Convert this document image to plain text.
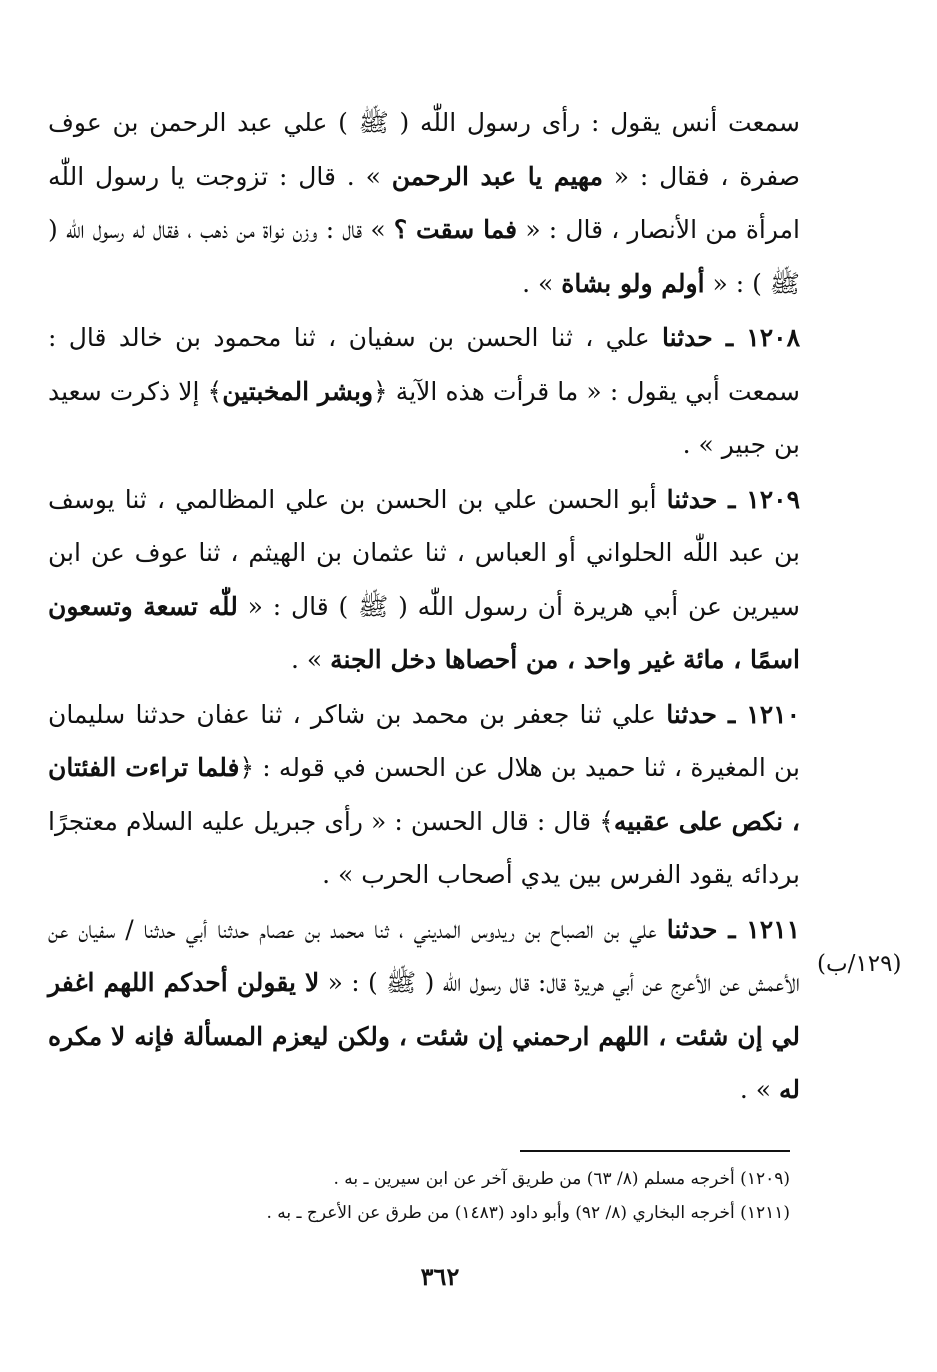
سمعت أنس يقول : رأى رسول اللّٰه ( ﷺ ) علي عبد الرحمن بن عوف صفرة ، فقال : « مهيم يا عبد الرحمن » . قال : تزوجت يا رسول اللّٰه امرأة من الأنصار ، قال : « فما سقت ؟ » قال : وزن نواة من ذهب ، فقال له رسول اللّٰه ( ﷺ ) : « أولم ولو بشاة » .

١٢٠٨ ـ حدثنا علي ، ثنا الحسن بن سفيان ، ثنا محمود بن خالد قال : سمعت أبي يقول : « ما قرأت هذه الآية ﴿وبشر المخبتين﴾ إلا ذكرت سعيد بن جبير » .

١٢٠٩ ـ حدثنا أبو الحسن علي بن الحسن بن علي المظالمي ، ثنا يوسف بن عبد اللّٰه الحلواني أو العباس ، ثنا عثمان بن الهيثم ، ثنا عوف عن ابن سيرين عن أبي هريرة أن رسول اللّٰه ( ﷺ ) قال : « للّٰه تسعة وتسعون اسمًا ، مائة غير واحد ، من أحصاها دخل الجنة » .

١٢١٠ ـ حدثنا علي ثنا جعفر بن محمد بن شاكر ، ثنا عفان حدثنا سليمان بن المغيرة ، ثنا حميد بن هلال عن الحسن في قوله : ﴿فلما تراءت الفئتان ، نكص على عقبيه﴾ قال : قال الحسن : « رأى جبريل عليه السلام معتجرًا بردائه يقود الفرس بين يدي أصحاب الحرب » .

١٢١١ ـ حدثنا علي بن الصباح بن ريدوس المديني ، ثنا محمد بن عصام حدثنا أبي حدثنا / سفيان عن الأعمش عن الأعرج عن أبي هريرة قال: قال رسول اللّٰه ( ﷺ ) : « لا يقولن أحدكم اللهم اغفر لي إن شئت ، اللهم ارحمني إن شئت ، ولكن ليعزم المسألة فإنه لا مكره له » .

(١٢٩/ب)

(١٢٠٩) أخرجه مسلم (٨/ ٦٣) من طريق آخر عن ابن سيرين ـ به .

(١٢١١) أخرجه البخاري (٨/ ٩٢) وأبو داود (١٤٨٣) من طرق عن الأعرج ـ به .

٣٦٢
